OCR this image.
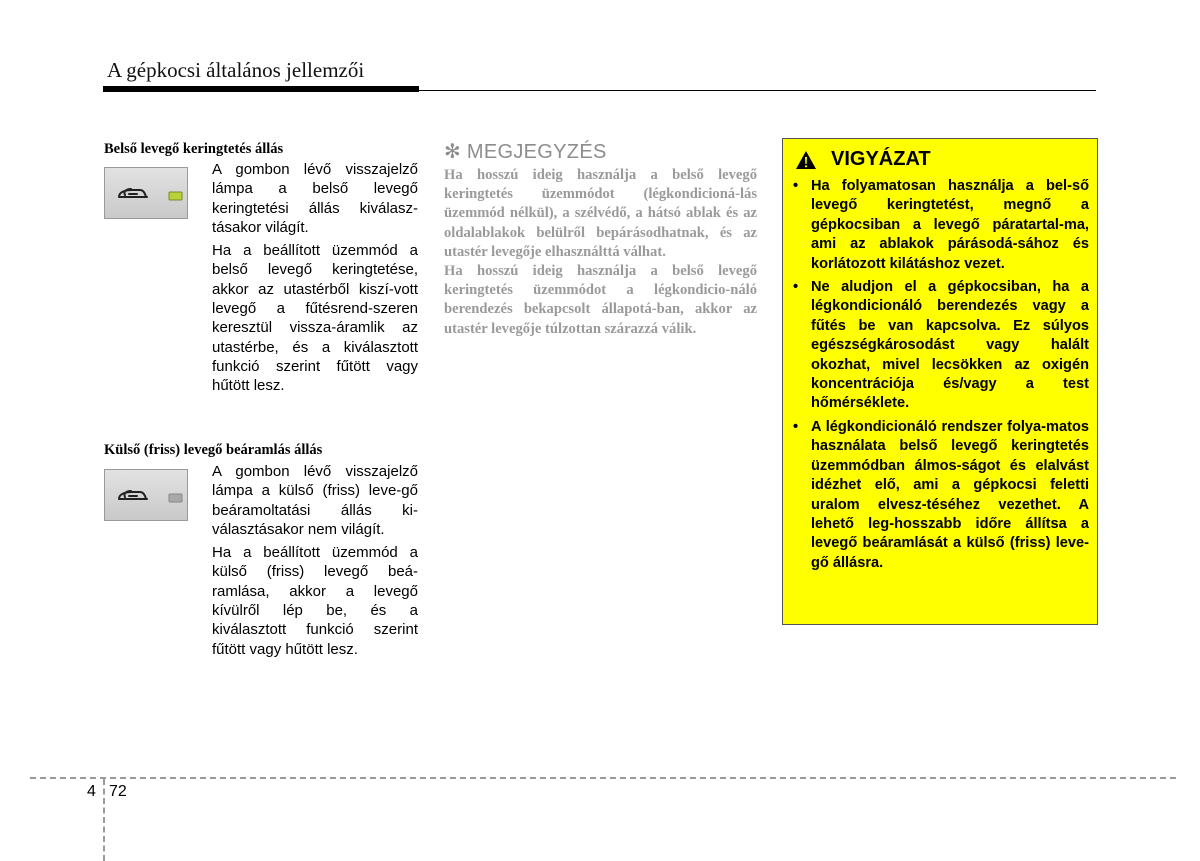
A gépkocsi általános jellemzői
Belső levegő keringtetés állás

A gombon lévő visszajelző lámpa a belső levegő keringtetési állás kiválasz-tásakor világít.

Ha a beállított üzemmód a belső levegő keringtetése, akkor az utastérből kiszí-vott levegő a fűtésrend-szeren keresztül vissza-áramlik az utastérbe, és a kiválasztott funkció szerint fűtött vagy hűtött lesz.

Külső (friss) levegő beáramlás állás

A gombon lévő visszajelző lámpa a külső (friss) leve-gő beáramoltatási állás ki-választásakor nem világít.

Ha a beállított üzemmód a külső (friss) levegő beá-ramlása, akkor a levegő kívülről lép be, és a kiválasztott funkció szerint fűtött vagy hűtött lesz.

✻ MEGJEGYZÉS

Ha hosszú ideig használja a belső levegő keringtetés üzemmódot (légkondicioná-lás üzemmód nélkül), a szélvédő, a hátsó ablak és az oldalablakok belülről bepárásodhatnak, és az utastér levegője elhasználttá válhat.

Ha hosszú ideig használja a belső levegő keringtetés üzemmódot a légkondicio-náló berendezés bekapcsolt állapotá-ban, akkor az utastér levegője túlzottan szárazzá válik.

VIGYÁZAT
• Ha folyamatosan használja a bel-ső levegő keringtetést, megnő a gépkocsiban a levegő páratartal-ma, ami az ablakok párásodá-sához és korlátozott kilátáshoz vezet.
• Ne aludjon el a gépkocsiban, ha a légkondicionáló berendezés vagy a fűtés be van kapcsolva. Ez súlyos egészségkárosodást vagy halált okozhat, mivel lecsökken az oxigén koncentrációja és/vagy a test hőmérséklete.
• A légkondicionáló rendszer folya-matos használata belső levegő keringtetés üzemmódban álmos-ságot és elalvást idézhet elő, ami a gépkocsi feletti uralom elvesz-téséhez vezethet. A lehető leg-hosszabb időre állítsa a levegő beáramlását a külső (friss) leve-gő állásra.
4 72
